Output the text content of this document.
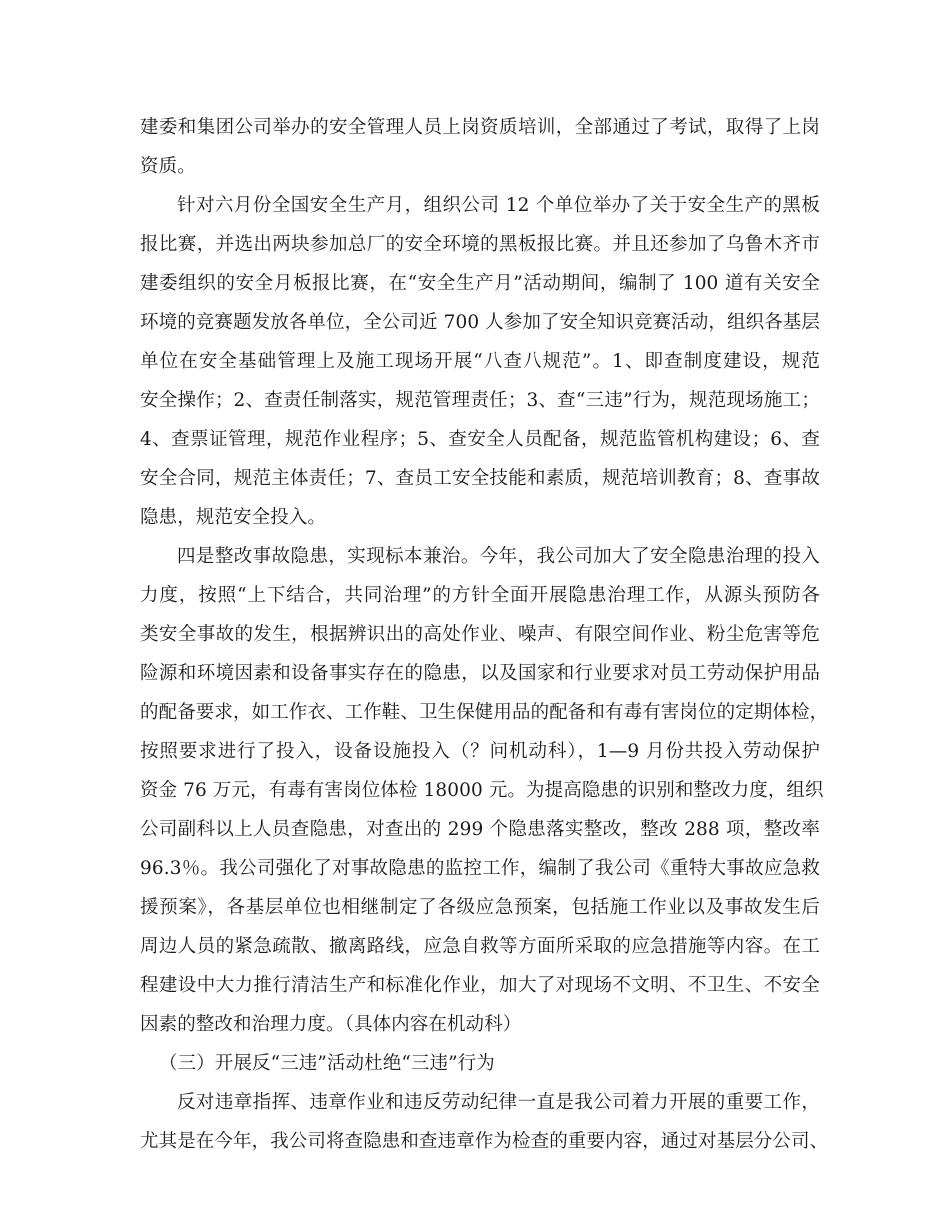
建委和集团公司举办的安全管理人员上岗资质培训，全部通过了考试，取得了上岗
资质。
针对六月份全国安全生产月，组织公司 12 个单位举办了关于安全生产的黑板
报比赛，并选出两块参加总厂的安全环境的黑板报比赛。并且还参加了乌鲁木齐市
建委组织的安全月板报比赛，在“安全生产月”活动期间，编制了 100 道有关安全
环境的竞赛题发放各单位，全公司近 700 人参加了安全知识竞赛活动，组织各基层
单位在安全基础管理上及施工现场开展“八查八规范”。1、即查制度建设，规范
安全操作；2、查责任制落实，规范管理责任；3、查“三违”行为，规范现场施工；
4、查票证管理，规范作业程序；5、查安全人员配备，规范监管机构建设；6、查
安全合同，规范主体责任；7、查员工安全技能和素质，规范培训教育；8、查事故
隐患，规范安全投入。
四是整改事故隐患，实现标本兼治。今年，我公司加大了安全隐患治理的投入
力度，按照“上下结合，共同治理”的方针全面开展隐患治理工作，从源头预防各
类安全事故的发生，根据辨识出的高处作业、噪声、有限空间作业、粉尘危害等危
险源和环境因素和设备事实存在的隐患，以及国家和行业要求对员工劳动保护用品
的配备要求，如工作衣、工作鞋、卫生保健用品的配备和有毒有害岗位的定期体检，
按照要求进行了投入，设备设施投入（？问机动科），1—9 月份共投入劳动保护
资金 76 万元，有毒有害岗位体检 18000 元。为提高隐患的识别和整改力度，组织
公司副科以上人员查隐患，对查出的 299 个隐患落实整改，整改 288 项，整改率
96.3％。我公司强化了对事故隐患的监控工作，编制了我公司《重特大事故应急救
援预案》，各基层单位也相继制定了各级应急预案，包括施工作业以及事故发生后
周边人员的紧急疏散、撤离路线，应急自救等方面所采取的应急措施等内容。在工
程建设中大力推行清洁生产和标准化作业，加大了对现场不文明、不卫生、不安全
因素的整改和治理力度。（具体内容在机动科）
（三）开展反“三违”活动杜绝“三违”行为
反对违章指挥、违章作业和违反劳动纪律一直是我公司着力开展的重要工作，
尤其是在今年，我公司将查隐患和查违章作为检查的重要内容，通过对基层分公司、
